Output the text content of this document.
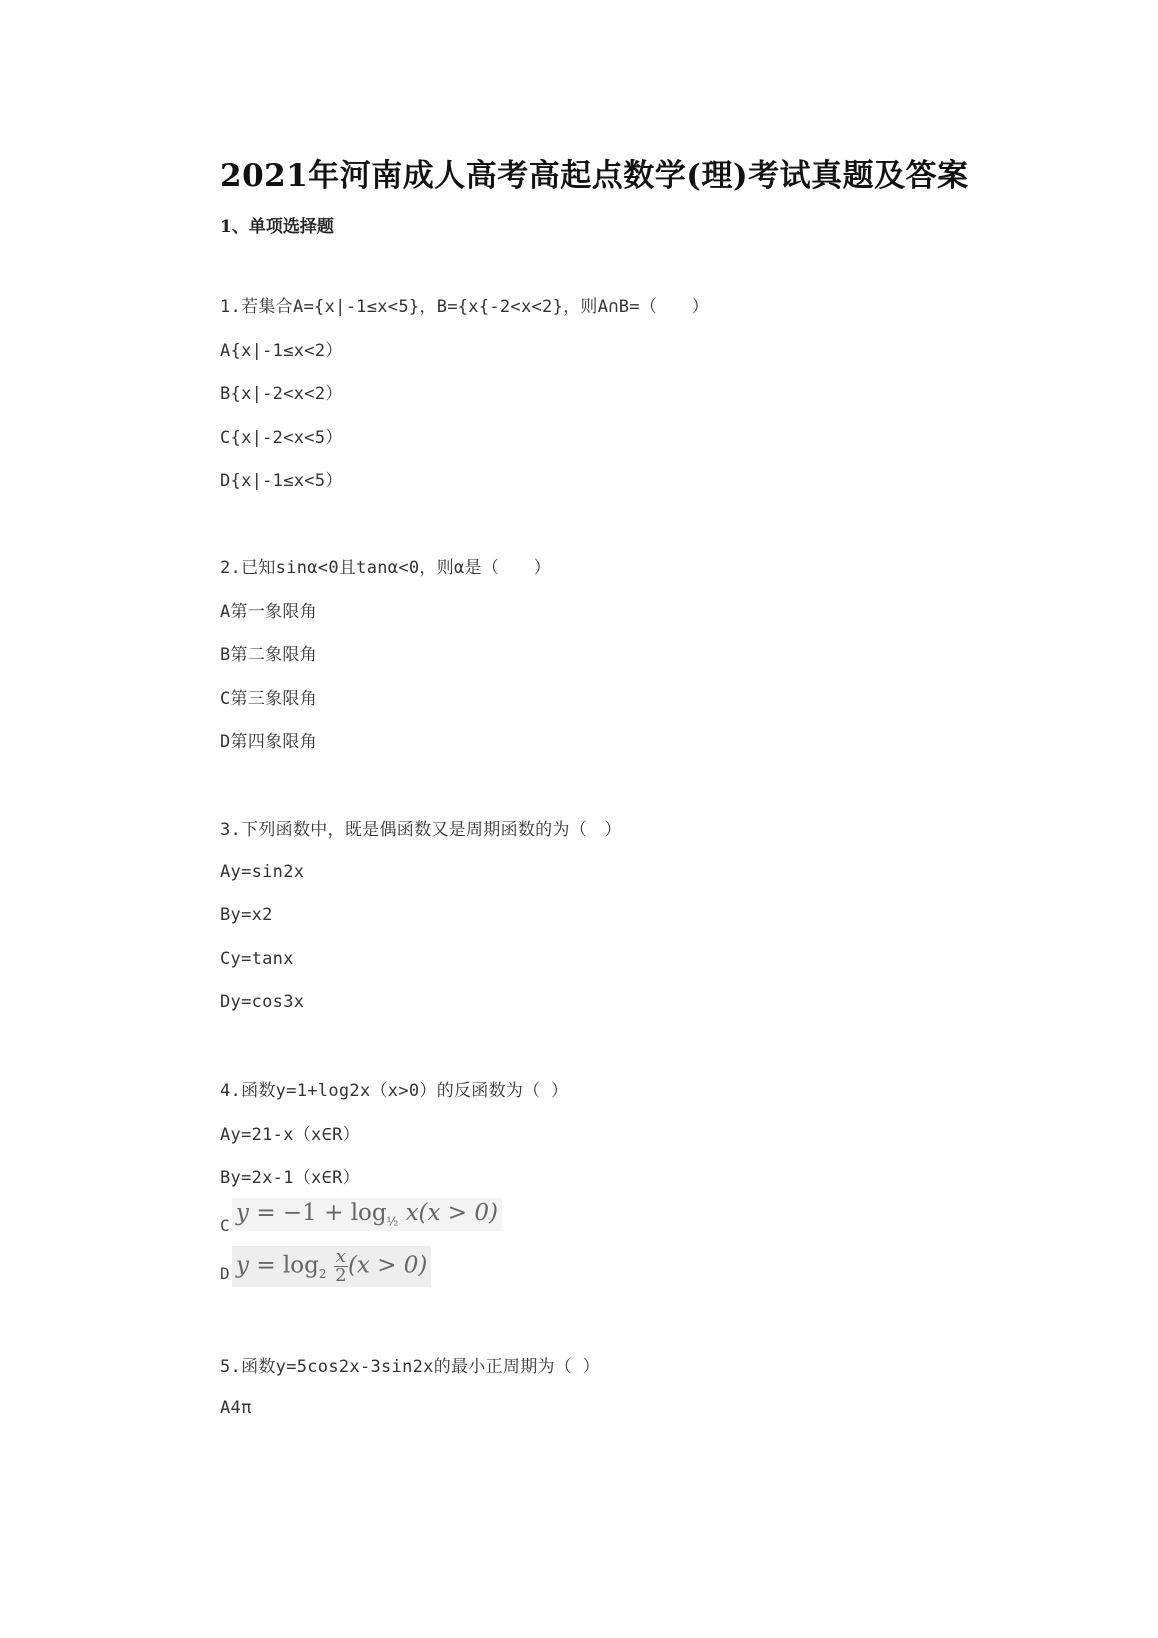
2021年河南成人高考高起点数学(理)考试真题及答案
1、单项选择题
1.若集合A={x|-1≤x<5}，B={x{-2<x<2}，则A∩B=（　　）
A{x|-1≤x<2）
B{x|-2<x<2）
C{x|-2<x<5）
D{x|-1≤x<5）
2.已知sinα<0且tanα<0，则α是（　　）
A第一象限角
B第二象限角
C第三象限角
D第四象限角
3.下列函数中，既是偶函数又是周期函数的为（　）
Ay=sin2x
By=x2
Cy=tanx
Dy=cos3x
4.函数y=1+log2x（x>0）的反函数为（ ）
Ay=21-x（x∈R）
By=2x-1（x∈R）
C $y = -1 + \log_{\frac{1}{2}} x(x > 0)$
D $y = \log_2 \frac{x}{2} (x > 0)$
5.函数y=5cos2x-3sin2x的最小正周期为（ ）
A4π
